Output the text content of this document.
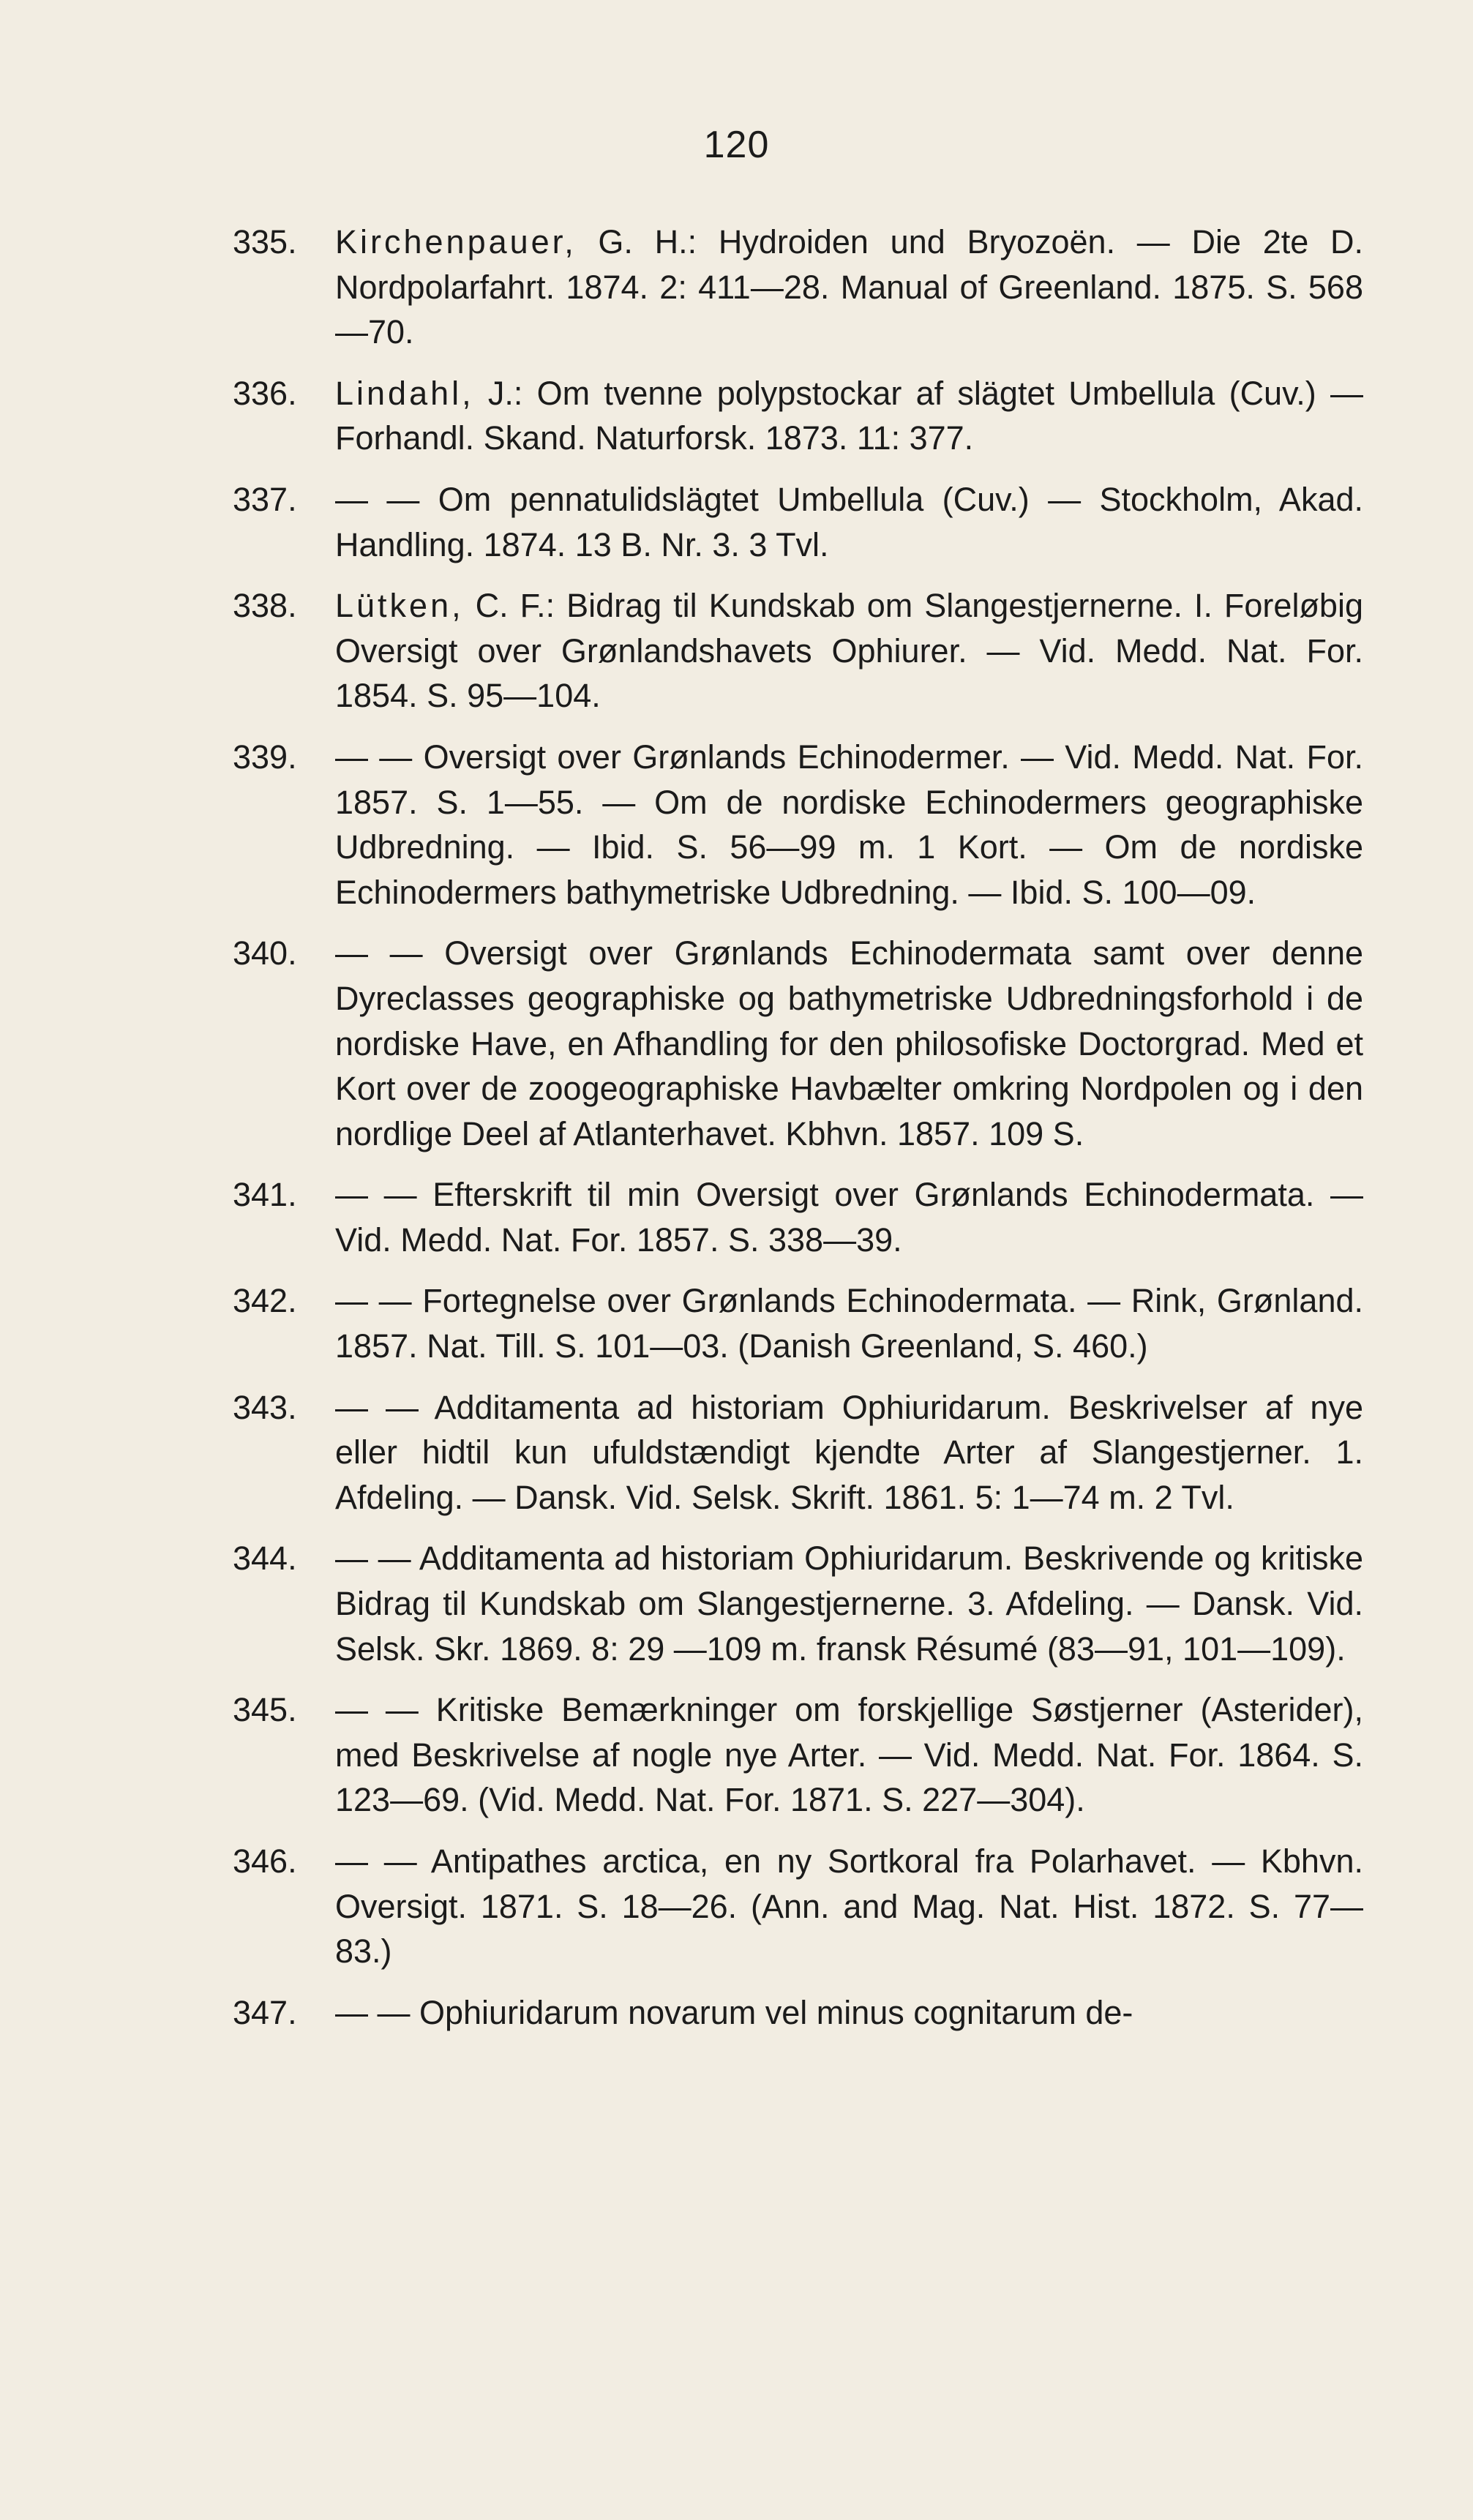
120
335.	Kirchenpauer, G. H.: Hydroiden und Bryozoën. — Die 2te D. Nordpolarfahrt. 1874. 2: 411—28. Manual of Greenland. 1875. S. 568—70.
336.	Lindahl, J.: Om tvenne polypstockar af slägtet Umbellula (Cuv.) — Forhandl. Skand. Naturforsk. 1873. 11: 377.
337.	— — Om pennatulidslägtet Umbellula (Cuv.) — Stockholm, Akad. Handling. 1874. 13 B. Nr. 3. 3 Tvl.
338.	Lütken, C. F.: Bidrag til Kundskab om Slangestjernerne. I. Foreløbig Oversigt over Grønlandshavets Ophiurer. — Vid. Medd. Nat. For. 1854. S. 95—104.
339.	— — Oversigt over Grønlands Echinodermer. — Vid. Medd. Nat. For. 1857. S. 1—55. — Om de nordiske Echinodermers geographiske Udbredning. — Ibid. S. 56—99 m. 1 Kort. — Om de nordiske Echinodermers bathymetriske Udbredning. — Ibid. S. 100—09.
340.	— — Oversigt over Grønlands Echinodermata samt over denne Dyreclasses geographiske og bathymetriske Udbredningsforhold i de nordiske Have, en Afhandling for den philosofiske Doctorgrad. Med et Kort over de zoogeographiske Havbælter omkring Nordpolen og i den nordlige Deel af Atlanterhavet. Kbhvn. 1857. 109 S.
341.	— — Efterskrift til min Oversigt over Grønlands Echinodermata. — Vid. Medd. Nat. For. 1857. S. 338—39.
342.	— — Fortegnelse over Grønlands Echinodermata. — Rink, Grønland. 1857. Nat. Till. S. 101—03. (Danish Greenland, S. 460.)
343.	— — Additamenta ad historiam Ophiuridarum. Beskrivelser af nye eller hidtil kun ufuldstændigt kjendte Arter af Slangestjerner. 1. Afdeling. — Dansk. Vid. Selsk. Skrift. 1861. 5: 1—74 m. 2 Tvl.
344.	— — Additamenta ad historiam Ophiuridarum. Beskrivende og kritiske Bidrag til Kundskab om Slangestjernerne. 3. Afdeling. — Dansk. Vid. Selsk. Skr. 1869. 8: 29 —109 m. fransk Résumé (83—91, 101—109).
345.	— — Kritiske Bemærkninger om forskjellige Søstjerner (Asterider), med Beskrivelse af nogle nye Arter. — Vid. Medd. Nat. For. 1864. S. 123—69. (Vid. Medd. Nat. For. 1871. S. 227—304).
346.	— — Antipathes arctica, en ny Sortkoral fra Polarhavet. — Kbhvn. Oversigt. 1871. S. 18—26. (Ann. and Mag. Nat. Hist. 1872. S. 77—83.)
347.	— — Ophiuridarum novarum vel minus cognitarum de-
